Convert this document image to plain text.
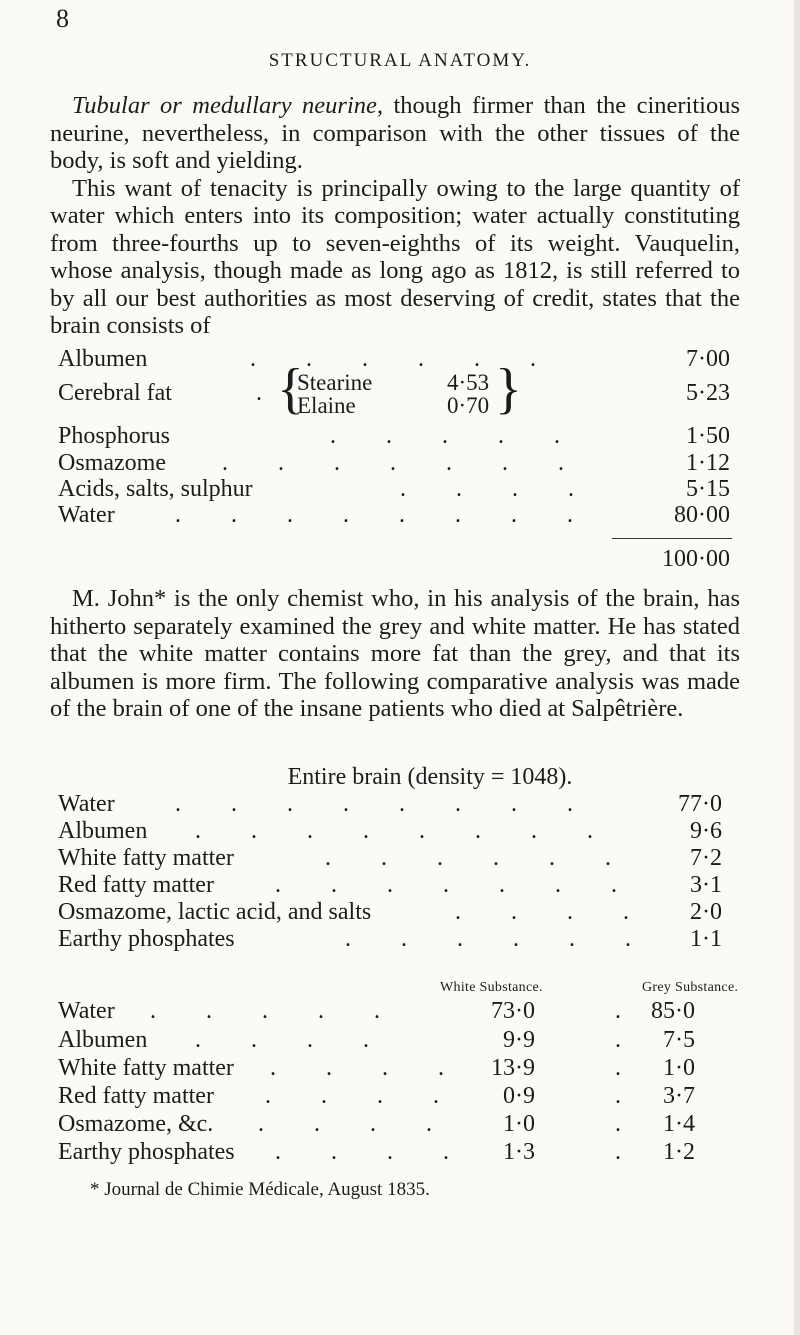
8
STRUCTURAL ANATOMY.

Tubular or medullary neurine, though firmer than the cineritious neurine, nevertheless, in comparison with the other tissues of the body, is soft and yielding.

This want of tenacity is principally owing to the large quantity of water which enters into its composition; water actually constituting from three-fourths up to seven-eighths of its weight. Vauquelin, whose analysis, though made as long ago as 1812, is still referred to by all our best authorities as most deserving of credit, states that the brain consists of

Albumen	. . . . . .	7·00
Cerebral fat	.	5·23
{
Stearine	4·53
Elaine	0·70 }
Phosphorus	. . . . .	1·50
Osmazome . . . . . . .	1·12
Acids, salts, sulphur	. . . .	5·15
Water	. . . . . . . .	80·00
100·00

M. John* is the only chemist who, in his analysis of the brain, has hitherto separately examined the grey and white matter. He has stated that the white matter contains more fat than the grey, and that its albumen is more firm. The following comparative analysis was made of the brain of one of the insane patients who died at Salpêtrière.

Entire brain (density = 1048).
Water	. . . . . . . .	77·0
Albumen . . . . . . . .	9·6
White fatty matter	. . . . . .	7·2
Red fatty matter	. . . . . . .	3·1
Osmazome, lactic acid, and salts	. . . .	2·0
Earthy phosphates	. . . . . .	1·1
White Substance.	Grey Substance.
Water . . . . .	73·0	. 85·0
Albumen . . . .	9·9	. 7·5
White fatty matter . . . .	13·9	. 1·0
Red fatty matter . . . .	0·9	. 3·7
Osmazome, &c. . . . .	1·0	. 1·4
Earthy phosphates . . . .	1·3	. 1·2
* Journal de Chimie Médicale, August 1835.
